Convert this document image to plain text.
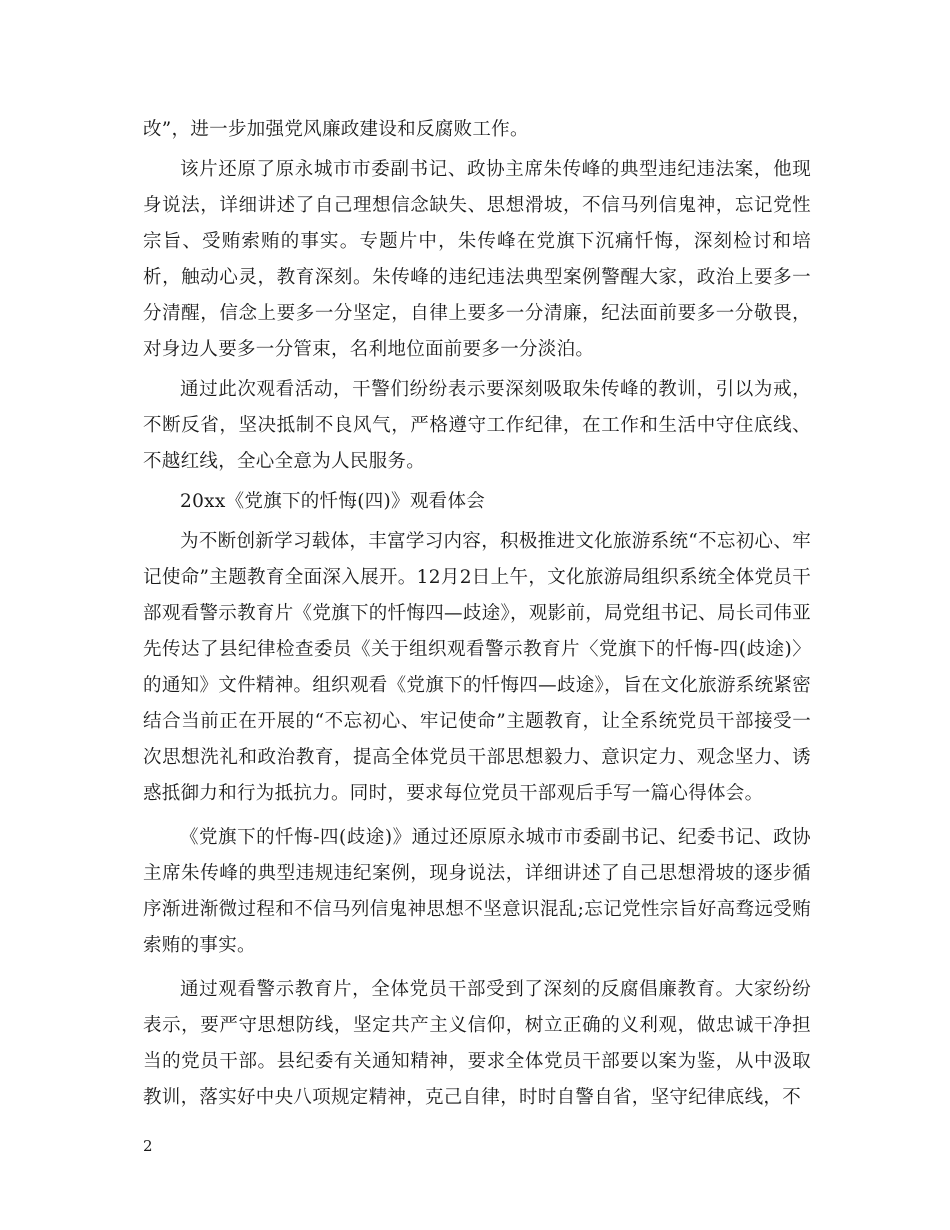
改”，进一步加强党风廉政建设和反腐败工作。

该片还原了原永城市市委副书记、政协主席朱传峰的典型违纪违法案，他现身说法，详细讲述了自己理想信念缺失、思想滑坡，不信马列信鬼神，忘记党性宗旨、受贿索贿的事实。专题片中，朱传峰在党旗下沉痛忏悔，深刻检讨和培析，触动心灵，教育深刻。朱传峰的违纪违法典型案例警醒大家，政治上要多一分清醒，信念上要多一分坚定，自律上要多一分清廉，纪法面前要多一分敬畏，对身边人要多一分管束，名利地位面前要多一分淡泊。

通过此次观看活动，干警们纷纷表示要深刻吸取朱传峰的教训，引以为戒，不断反省，坚决抵制不良风气，严格遵守工作纪律，在工作和生活中守住底线、不越红线，全心全意为人民服务。

20xx《党旗下的忏悔(四)》观看体会

为不断创新学习载体，丰富学习内容，积极推进文化旅游系统“不忘初心、牢记使命”主题教育全面深入展开。12月2日上午，文化旅游局组织系统全体党员干部观看警示教育片《党旗下的忏悔四—歧途》，观影前，局党组书记、局长司伟亚先传达了县纪律检查委员《关于组织观看警示教育片〈党旗下的忏悔-四(歧途)〉的通知》文件精神。组织观看《党旗下的忏悔四—歧途》，旨在文化旅游系统紧密结合当前正在开展的“不忘初心、牢记使命”主题教育，让全系统党员干部接受一次思想洗礼和政治教育，提高全体党员干部思想毅力、意识定力、观念坚力、诱惑抵御力和行为抵抗力。同时，要求每位党员干部观后手写一篇心得体会。

《党旗下的忏悔-四(歧途)》通过还原原永城市市委副书记、纪委书记、政协主席朱传峰的典型违规违纪案例，现身说法，详细讲述了自己思想滑坡的逐步循序渐进渐微过程和不信马列信鬼神思想不坚意识混乱;忘记党性宗旨好高骛远受贿索贿的事实。

通过观看警示教育片，全体党员干部受到了深刻的反腐倡廉教育。大家纷纷表示，要严守思想防线，坚定共产主义信仰，树立正确的义利观，做忠诚干净担当的党员干部。县纪委有关通知精神，要求全体党员干部要以案为鉴，从中汲取教训，落实好中央八项规定精神，克己自律，时时自警自省，坚守纪律底线，不

2
